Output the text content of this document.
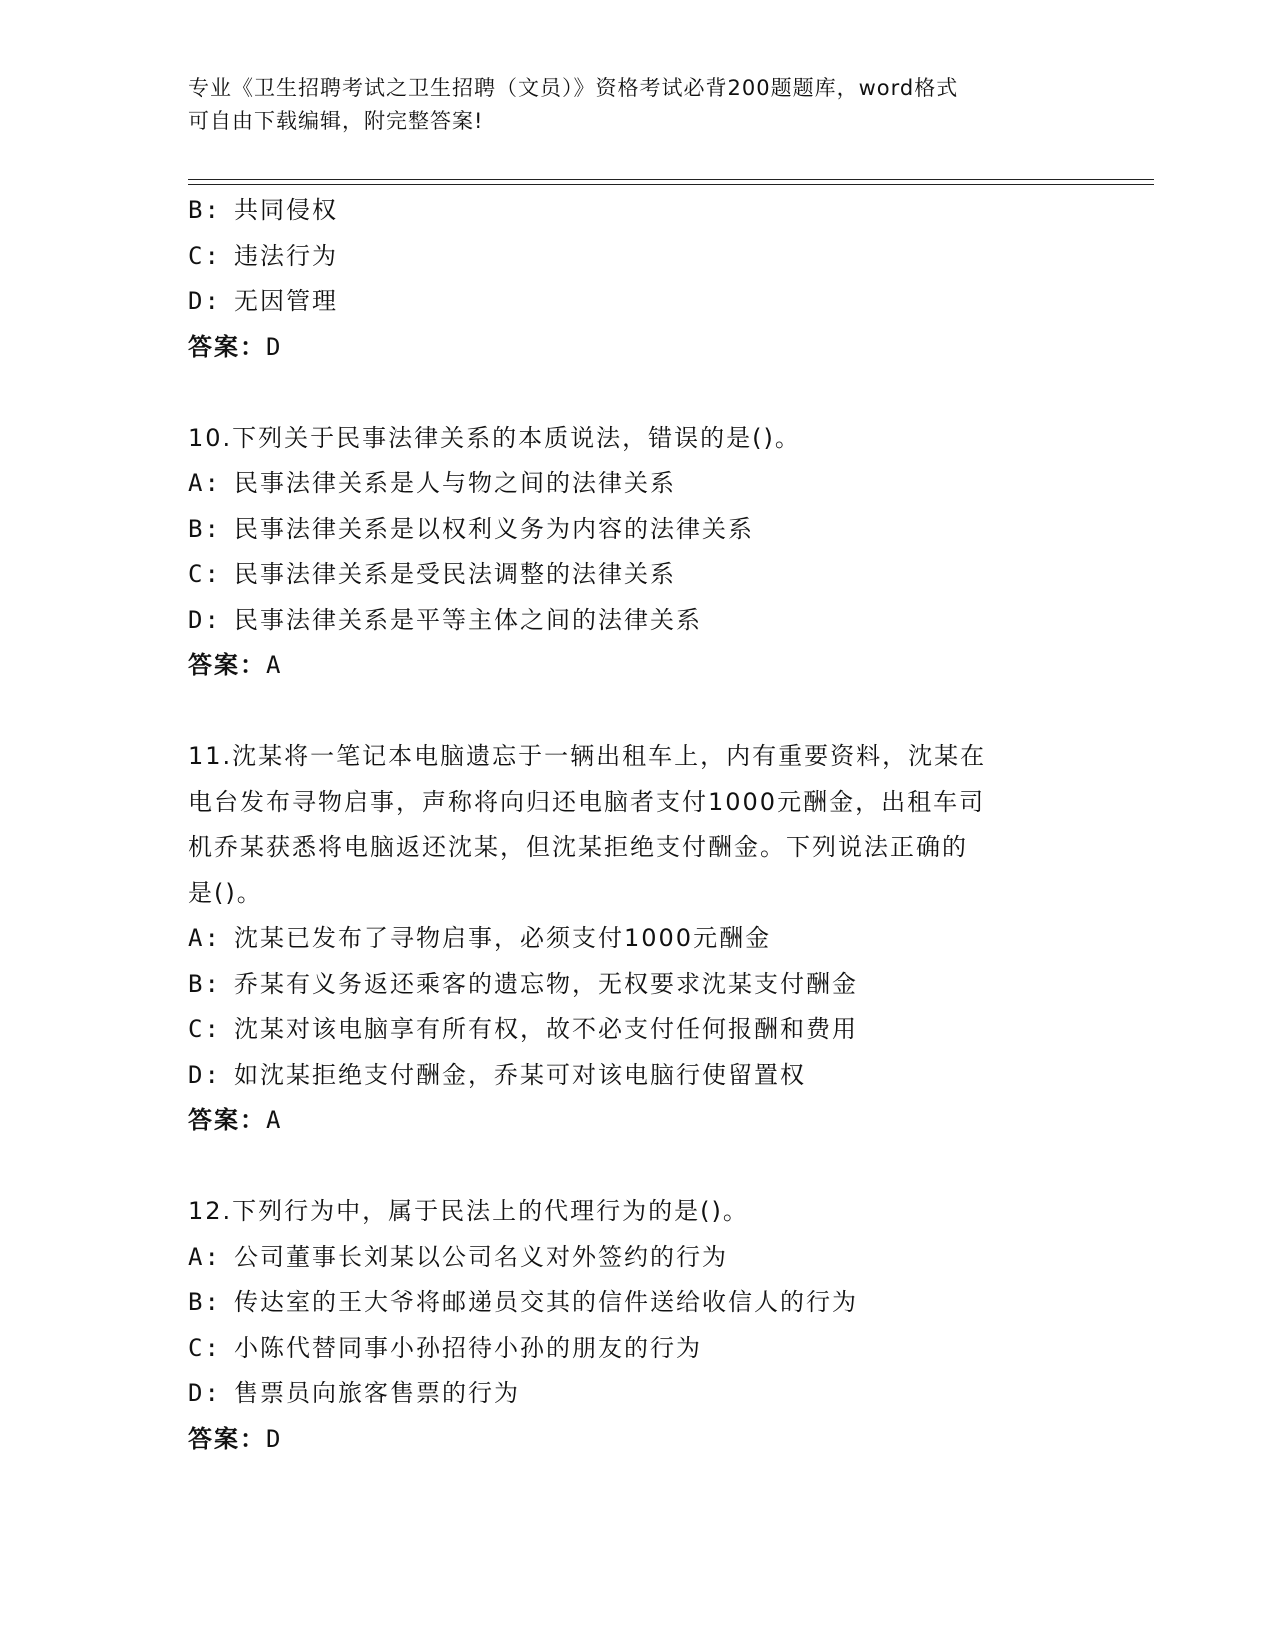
专业《卫生招聘考试之卫生招聘（文员）》资格考试必背200题题库，word格式
可自由下载编辑，附完整答案!
B: 共同侵权
C: 违法行为
D: 无因管理
答案：D
10.下列关于民事法律关系的本质说法，错误的是()。
A: 民事法律关系是人与物之间的法律关系
B: 民事法律关系是以权利义务为内容的法律关系
C: 民事法律关系是受民法调整的法律关系
D: 民事法律关系是平等主体之间的法律关系
答案：A
11.沈某将一笔记本电脑遗忘于一辆出租车上，内有重要资料，沈某在
电台发布寻物启事，声称将向归还电脑者支付1000元酬金，出租车司
机乔某获悉将电脑返还沈某，但沈某拒绝支付酬金。下列说法正确的
是()。
A: 沈某已发布了寻物启事，必须支付1000元酬金
B: 乔某有义务返还乘客的遗忘物，无权要求沈某支付酬金
C: 沈某对该电脑享有所有权，故不必支付任何报酬和费用
D: 如沈某拒绝支付酬金，乔某可对该电脑行使留置权
答案：A
12.下列行为中，属于民法上的代理行为的是()。
A: 公司董事长刘某以公司名义对外签约的行为
B: 传达室的王大爷将邮递员交其的信件送给收信人的行为
C: 小陈代替同事小孙招待小孙的朋友的行为
D: 售票员向旅客售票的行为
答案：D
